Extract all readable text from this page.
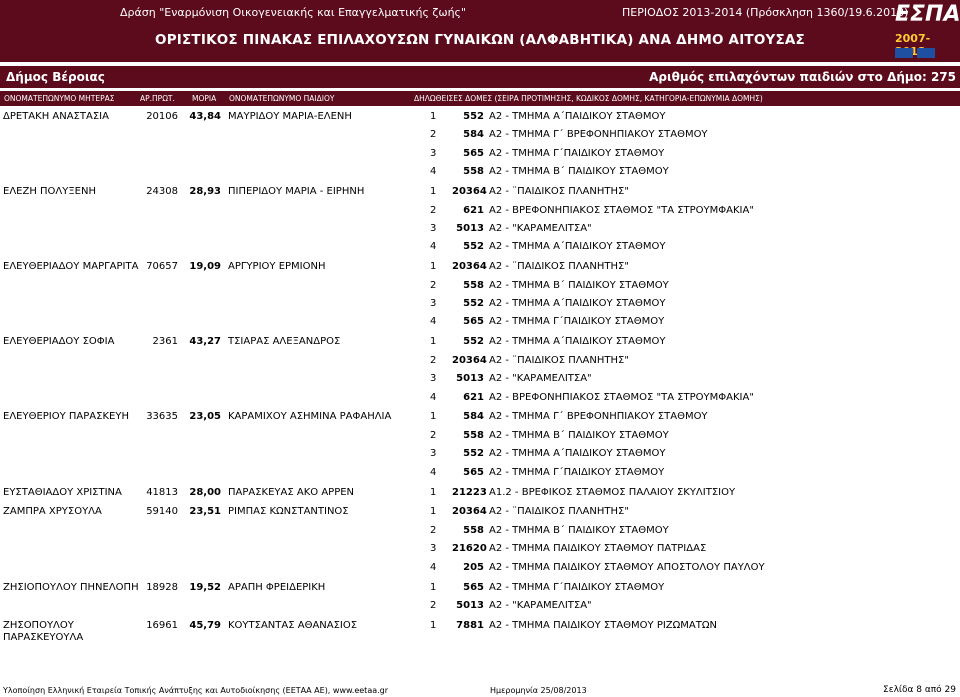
Δράση "Εναρμόνιση Οικογενειακής και Επαγγελματικής ζωής"	ΠΕΡΙΟΔΟΣ 2013-2014 (Πρόσκληση 1360/19.6.2013)
ΟΡΙΣΤΙΚΟΣ ΠΙΝΑΚΑΣ ΕΠΙΛΑΧΟΥΣΩΝ ΓΥΝΑΙΚΩΝ (ΑΛΦΑΒΗΤΙΚΑ) ΑΝΑ ΔΗΜΟ ΑΙΤΟΥΣΑΣ
ΕΣΠΑ
2007- 013
Δήμος Βέροιας	Αριθμός επιλαχόντων παιδιών στο Δήμο: 275
ΟΝΟΜΑΤΕΠΩΝΥΜΟ ΜΗΤΕΡΑΣ	ΑΡ.ΠΡΩΤ. ΜΟΡΙΑ ΟΝΟΜΑΤΕΠΩΝΥΜΟ ΠΑΙΔΙΟΥ	ΔΗΛΩΘΕΙΣΕΣ ΔΟΜΕΣ (ΣΕΙΡΑ ΠΡΟΤΙΜΗΣΗΣ, ΚΩΔΙΚΟΣ ΔΟΜΗΣ, ΚΑΤΗΓΟΡΙΑ-ΕΠΩΝΥΜΙΑ ΔΟΜΗΣ)
ΔΡΕΤΑΚΗ ΑΝΑΣΤΑΣΙΑ	20106	43,84 ΜΑΥΡΙΔΟΥ ΜΑΡΙΑ-ΕΛΕΝΗ	1	552 Α2 - ΤΜΗΜΑ Α΄ΠΑΙΔΙΚΟΥ ΣΤΑΘΜΟΥ
2	584 Α2 - ΤΜΗΜΑ Γ΄ ΒΡΕΦΟΝΗΠΙΑΚΟΥ ΣΤΑΘΜΟΥ
3	565 Α2 - ΤΜΗΜΑ Γ΄ΠΑΙΔΙΚΟΥ ΣΤΑΘΜΟΥ
4	558 Α2 - ΤΜΗΜΑ Β΄ ΠΑΙΔΙΚΟΥ ΣΤΑΘΜΟΥ
ΕΛΕΖΗ ΠΟΛΥΞΕΝΗ	24308	28,93 ΠΙΠΕΡΙΔΟΥ ΜΑΡΙΑ - ΕΙΡΗΝΗ	1 20364 Α2 - ¨ΠΑΙΔΙΚΟΣ ΠΛΑΝΗΤΗΣ"
2	621 Α2 - ΒΡΕΦΟΝΗΠΙΑΚΟΣ ΣΤΑΘΜΟΣ "ΤΑ ΣΤΡΟΥΜΦΑΚΙΑ"
3	5013 Α2 - "ΚΑΡΑΜΕΛΙΤΣΑ"
4	552 Α2 - ΤΜΗΜΑ Α΄ΠΑΙΔΙΚΟΥ ΣΤΑΘΜΟΥ
ΕΛΕΥΘΕΡΙΑΔΟΥ ΜΑΡΓΑΡΙΤΑ 70657	19,09 ΑΡΓΥΡΙΟΥ ΕΡΜΙΟΝΗ	1 20364 Α2 - ¨ΠΑΙΔΙΚΟΣ ΠΛΑΝΗΤΗΣ"
2	558 Α2 - ΤΜΗΜΑ Β΄ ΠΑΙΔΙΚΟΥ ΣΤΑΘΜΟΥ
3	552 Α2 - ΤΜΗΜΑ Α΄ΠΑΙΔΙΚΟΥ ΣΤΑΘΜΟΥ
4	565 Α2 - ΤΜΗΜΑ Γ΄ΠΑΙΔΙΚΟΥ ΣΤΑΘΜΟΥ
ΕΛΕΥΘΕΡΙΑΔΟΥ ΣΟΦΙΑ	2361	43,27 ΤΣΙΑΡΑΣ ΑΛΕΞΑΝΔΡΟΣ	1	552 Α2 - ΤΜΗΜΑ Α΄ΠΑΙΔΙΚΟΥ ΣΤΑΘΜΟΥ
2 20364 Α2 - ¨ΠΑΙΔΙΚΟΣ ΠΛΑΝΗΤΗΣ"
3	5013 Α2 - "ΚΑΡΑΜΕΛΙΤΣΑ"
4	621 Α2 - ΒΡΕΦΟΝΗΠΙΑΚΟΣ ΣΤΑΘΜΟΣ "ΤΑ ΣΤΡΟΥΜΦΑΚΙΑ"
ΕΛΕΥΘΕΡΙΟΥ ΠΑΡΑΣΚΕΥΗ	33635	23,05 ΚΑΡΑΜΙΧΟΥ ΑΣΗΜΙΝΑ ΡΑΦΑΗΛΙΑ	1	584 Α2 - ΤΜΗΜΑ Γ΄ ΒΡΕΦΟΝΗΠΙΑΚΟΥ ΣΤΑΘΜΟΥ
2	558 Α2 - ΤΜΗΜΑ Β΄ ΠΑΙΔΙΚΟΥ ΣΤΑΘΜΟΥ
3	552 Α2 - ΤΜΗΜΑ Α΄ΠΑΙΔΙΚΟΥ ΣΤΑΘΜΟΥ
4	565 Α2 - ΤΜΗΜΑ Γ΄ΠΑΙΔΙΚΟΥ ΣΤΑΘΜΟΥ
ΕΥΣΤΑΘΙΑΔΟΥ ΧΡΙΣΤΙΝΑ	41813	28,00 ΠΑΡΑΣΚΕΥΑΣ ΑΚΟ ΑΡΡΕΝ	1 21223 Α1.2 - ΒΡΕΦΙΚΟΣ ΣΤΑΘΜΟΣ ΠΑΛΑΙΟΥ ΣΚΥΛΙΤΣΙΟΥ
ΖΑΜΠΡΑ ΧΡΥΣΟΥΛΑ	59140	23,51 ΡΙΜΠΑΣ ΚΩΝΣΤΑΝΤΙΝΟΣ	1 20364 Α2 - ¨ΠΑΙΔΙΚΟΣ ΠΛΑΝΗΤΗΣ"
2	558 Α2 - ΤΜΗΜΑ Β΄ ΠΑΙΔΙΚΟΥ ΣΤΑΘΜΟΥ
3 21620 Α2 - ΤΜΗΜΑ ΠΑΙΔΙΚΟΥ ΣΤΑΘΜΟΥ ΠΑΤΡΙΔΑΣ
4	205 Α2 - ΤΜΗΜΑ ΠΑΙΔΙΚΟΥ ΣΤΑΘΜΟΥ ΑΠΟΣΤΟΛΟΥ ΠΑΥΛΟΥ
ΖΗΣΙΟΠΟΥΛΟΥ ΠΗΝΕΛΟΠΗ 18928	19,52 ΑΡΑΠΗ ΦΡΕΙΔΕΡΙΚΗ	1	565 Α2 - ΤΜΗΜΑ Γ΄ΠΑΙΔΙΚΟΥ ΣΤΑΘΜΟΥ
2	5013 Α2 - "ΚΑΡΑΜΕΛΙΤΣΑ"
ΖΗΣΟΠΟΥΛΟΥ ΠΑΡΑΣΚΕΥΟΥΛΑ
16961	45,79 ΚΟΥΤΣΑΝΤΑΣ ΑΘΑΝΑΣΙΟΣ	1	7881 Α2 - ΤΜΗΜΑ ΠΑΙΔΙΚΟΥ ΣΤΑΘΜΟΥ ΡΙΖΩΜΑΤΩΝ
Υλοποίηση Ελληνική Εταιρεία Τοπικής Ανάπτυξης και Αυτοδιοίκησης (ΕΕΤΑΑ ΑΕ), www.eetaa.gr	Ημερομηνία 25/08/2013	Σελίδα 8 από 29
